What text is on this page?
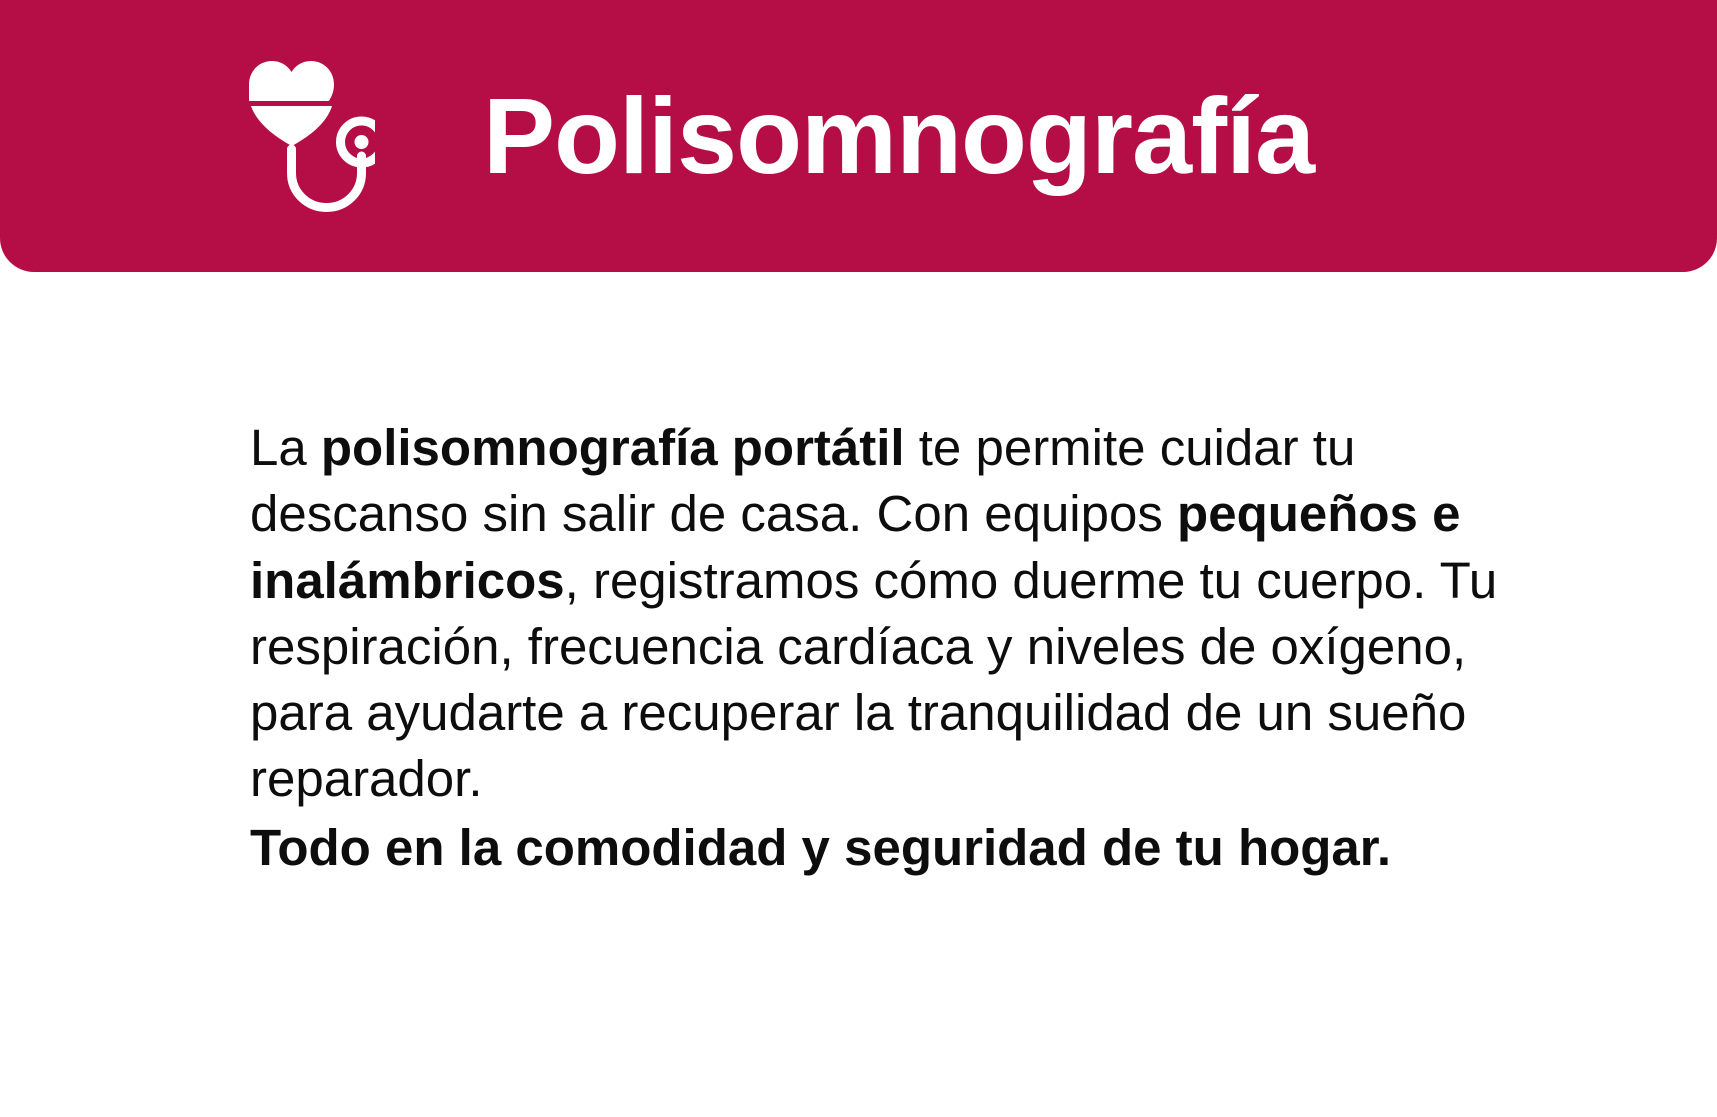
Polisomnografía

La polisomnografía portátil te permite cuidar tu descanso sin salir de casa. Con equipos pequeños e inalámbricos, registramos cómo duerme tu cuerpo. Tu respiración, frecuencia cardíaca y niveles de oxígeno, para ayudarte a recuperar la tranquilidad de un sueño reparador.

Todo en la comodidad y seguridad de tu hogar.
